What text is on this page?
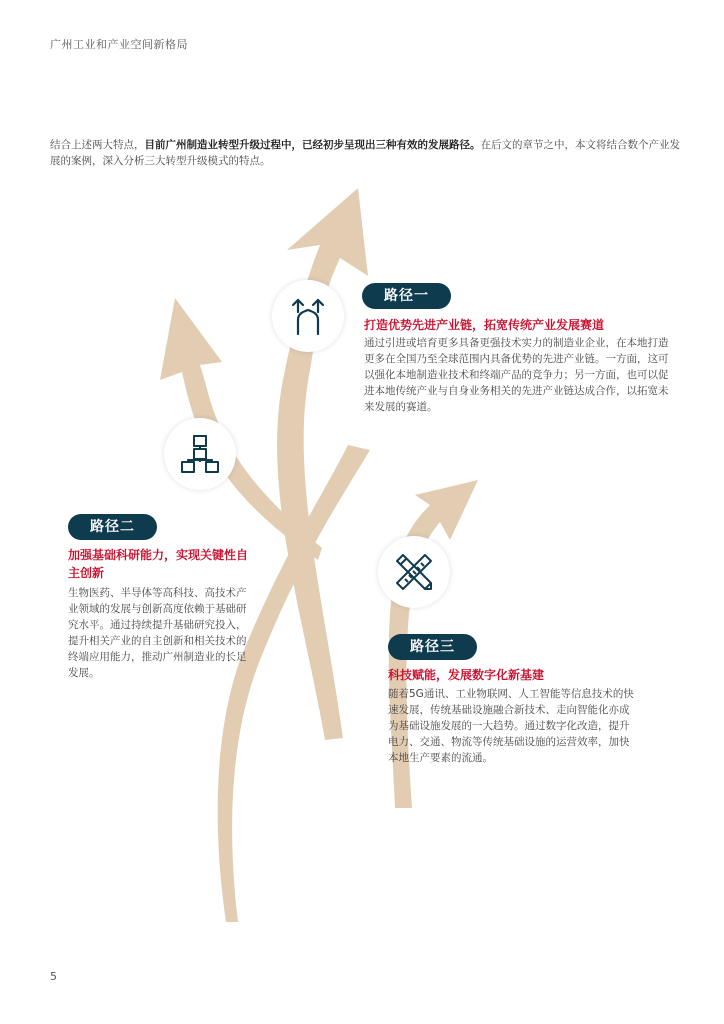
广州工业和产业空间新格局
结合上述两大特点，目前广州制造业转型升级过程中，已经初步呈现出三种有效的发展路径。在后文的章节之中，本文将结合数个产业发展的案例，深入分析三大转型升级模式的特点。
路径一
打造优势先进产业链，拓宽传统产业发展赛道
通过引进或培育更多具备更强技术实力的制造业企业，在本地打造更多在全国乃至全球范围内具备优势的先进产业链。一方面，这可以强化本地制造业技术和终端产品的竞争力；另一方面，也可以促进本地传统产业与自身业务相关的先进产业链达成合作，以拓宽未来发展的赛道。
路径二
加强基础科研能力，实现关键性自主创新
生物医药、半导体等高科技、高技术产业领域的发展与创新高度依赖于基础研究水平。通过持续提升基础研究投入，提升相关产业的自主创新和相关技术的终端应用能力，推动广州制造业的长足发展。
路径三
科技赋能，发展数字化新基建
随着5G通讯、工业物联网、人工智能等信息技术的快速发展，传统基础设施融合新技术、走向智能化亦成为基础设施发展的一大趋势。通过数字化改造，提升电力、交通、物流等传统基础设施的运营效率，加快本地生产要素的流通。
5
